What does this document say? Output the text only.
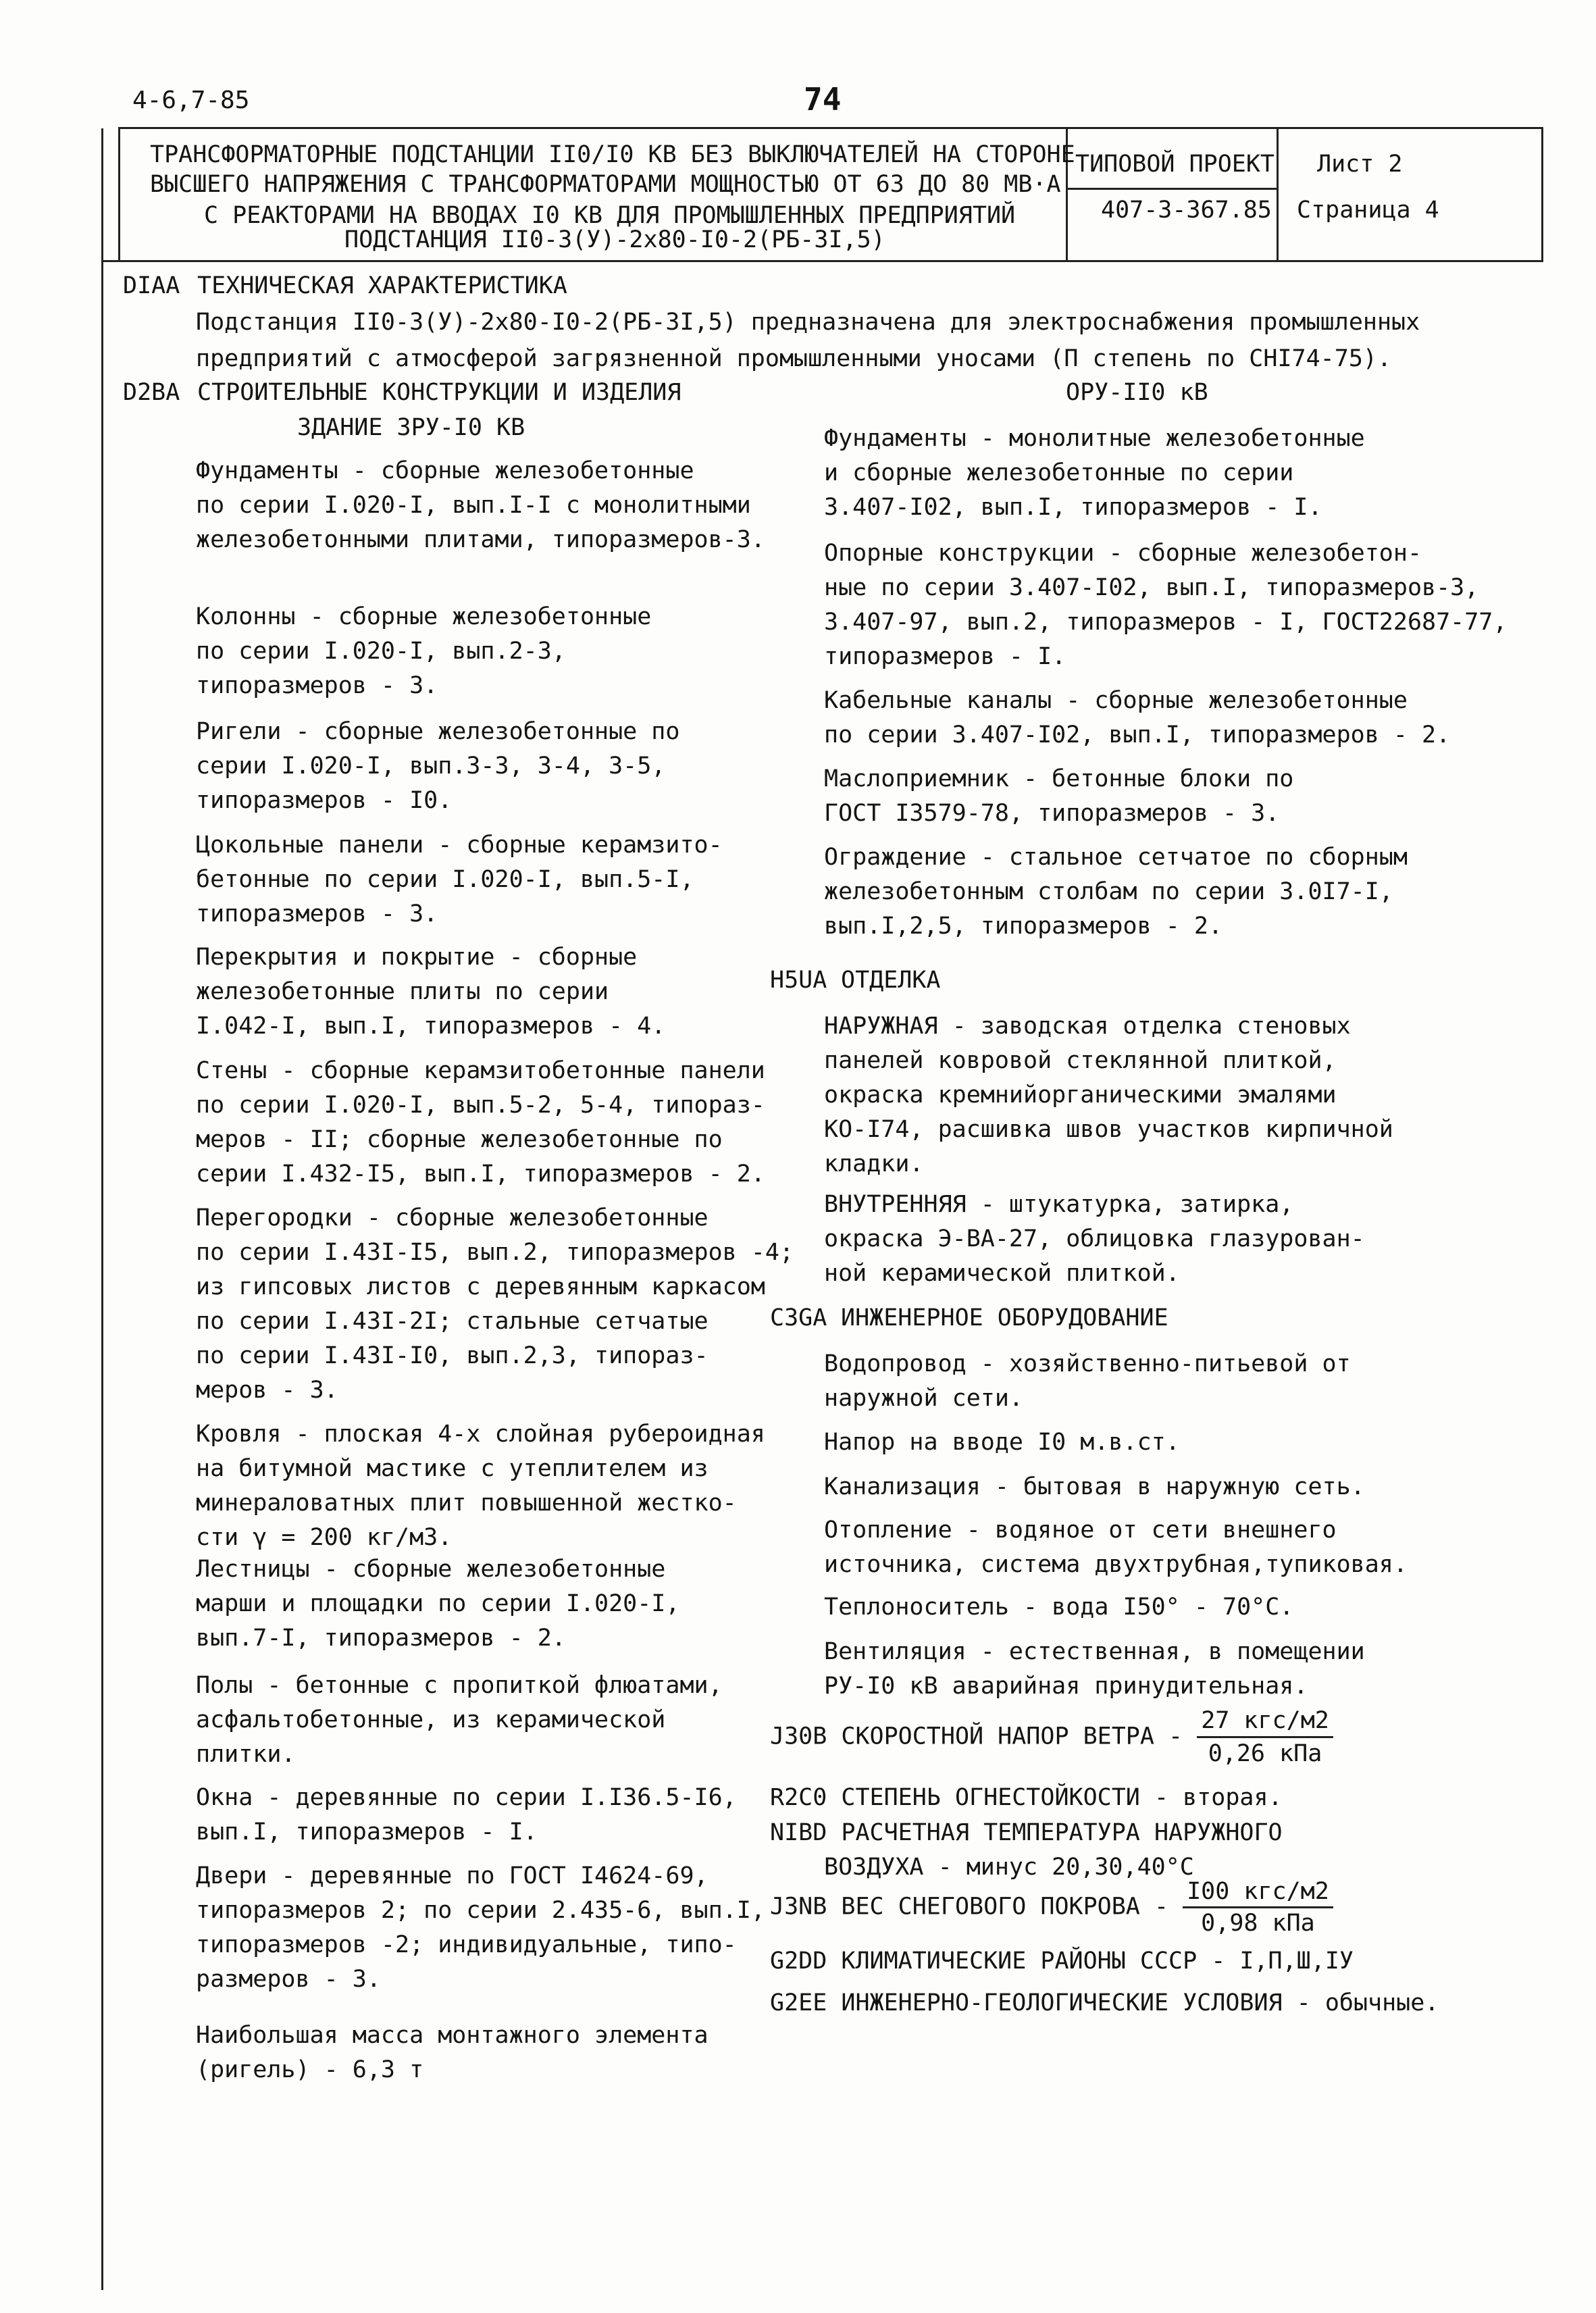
4-6,7-85	74
ТРАНСФОРМАТОРНЫЕ ПОДСТАНЦИИ II0/I0 КВ БЕЗ ВЫКЛЮЧАТЕЛЕЙ НА СТОРОНЕ
ВЫСШЕГО НАПРЯЖЕНИЯ С ТРАНСФОРМАТОРАМИ МОЩНОСТЬЮ ОТ 63 ДО 80 МВ·А
С РЕАКТОРАМИ НА ВВОДАХ I0 КВ ДЛЯ ПРОМЫШЛЕННЫХ ПРЕДПРИЯТИЙ
ПОДСТАНЦИЯ II0-3(У)-2х80-I0-2(РБ-3I,5)
ТИПОВОЙ ПРОЕКТ
407-3-367.85
Лист 2
Страница 4
DIAA ТЕХНИЧЕСКАЯ ХАРАКТЕРИСТИКА
Подстанция II0-3(У)-2х80-I0-2(РБ-3I,5) предназначена для электроснабжения промышленных
предприятий с атмосферой загрязненной промышленными уносами (П степень по СНI74-75).
D2BA СТРОИТЕЛЬНЫЕ КОНСТРУКЦИИ И ИЗДЕЛИЯ
ЗДАНИЕ ЗРУ-I0 КВ
Фундаменты - сборные железобетонные
по серии I.020-I, вып.I-I с монолитными
железобетонными плитами, типоразмеров-3.
Колонны - сборные железобетонные
по серии I.020-I, вып.2-3,
типоразмеров - 3.
Ригели - сборные железобетонные по
серии I.020-I, вып.3-3, 3-4, 3-5,
типоразмеров - I0.
Цокольные панели - сборные керамзито-
бетонные по серии I.020-I, вып.5-I,
типоразмеров - 3.
Перекрытия и покрытие - сборные
железобетонные плиты по серии
I.042-I, вып.I, типоразмеров - 4.
Стены - сборные керамзитобетонные панели
по серии I.020-I, вып.5-2, 5-4, типораз-
меров - II; сборные железобетонные по
серии I.432-I5, вып.I, типоразмеров - 2.
Перегородки - сборные железобетонные
по серии I.43I-I5, вып.2, типоразмеров -4;
из гипсовых листов с деревянным каркасом
по серии I.43I-2I; стальные сетчатые
по серии I.43I-I0, вып.2,3, типораз-
меров - 3.
Кровля - плоская 4-х слойная рубероидная
на битумной мастике с утеплителем из
минераловатных плит повышенной жестко-
сти γ = 200 кг/м3.
Лестницы - сборные железобетонные
марши и площадки по серии I.020-I,
вып.7-I, типоразмеров - 2.
Полы - бетонные с пропиткой флюатами,
асфальтобетонные, из керамической
плитки.
Окна - деревянные по серии I.I36.5-I6,
вып.I, типоразмеров - I.
Двери - деревянные по ГОСТ I4624-69,
типоразмеров 2; по серии 2.435-6, вып.I,
типоразмеров -2; индивидуальные, типо-
размеров - 3.
Наибольшая масса монтажного элемента
(ригель) - 6,3 т
ОРУ-II0 кВ
Фундаменты - монолитные железобетонные
и сборные железобетонные по серии
3.407-I02, вып.I, типоразмеров - I.
Опорные конструкции - сборные железобетон-
ные по серии 3.407-I02, вып.I, типоразмеров-3,
3.407-97, вып.2, типоразмеров - I, ГОСТ22687-77,
типоразмеров - I.
Кабельные каналы - сборные железобетонные
по серии 3.407-I02, вып.I, типоразмеров - 2.
Маслоприемник - бетонные блоки по
ГОСТ I3579-78, типоразмеров - 3.
Ограждение - стальное сетчатое по сборным
железобетонным столбам по серии 3.0I7-I,
вып.I,2,5, типоразмеров - 2.
H5UA ОТДЕЛКА
НАРУЖНАЯ - заводская отделка стеновых
панелей ковровой стеклянной плиткой,
окраска кремнийорганическими эмалями
КО-I74, расшивка швов участков кирпичной
кладки.
ВНУТРЕННЯЯ - штукатурка, затирка,
окраска Э-ВА-27, облицовка глазурован-
ной керамической плиткой.
C3GA ИНЖЕНЕРНОЕ ОБОРУДОВАНИЕ
Водопровод - хозяйственно-питьевой от
наружной сети.
Напор на вводе I0 м.в.ст.
Канализация - бытовая в наружную сеть.
Отопление - водяное от сети внешнего
источника, система двухтрубная,тупиковая.
Теплоноситель - вода I50° - 70°С.
Вентиляция - естественная, в помещении
РУ-I0 кВ аварийная принудительная.
J30B СКОРОСТНОЙ НАПОР ВЕТРА - $\frac{\text{27 кгс/м2}}{\text{0,26 кПа}}$
R2C0 СТЕПЕНЬ ОГНЕСТОЙКОСТИ - вторая.
NIBD РАСЧЕТНАЯ ТЕМПЕРАТУРА НАРУЖНОГО
ВОЗДУХА - минус 20,30,40°С
J3NB ВЕС СНЕГОВОГО ПОКРОВА - $\frac{\text{I00 кгс/м2}}{\text{0,98 кПа}}$
G2DD КЛИМАТИЧЕСКИЕ РАЙОНЫ СССР - I,П,Ш,IУ
G2EE ИНЖЕНЕРНО-ГЕОЛОГИЧЕСКИЕ УСЛОВИЯ - обычные.
